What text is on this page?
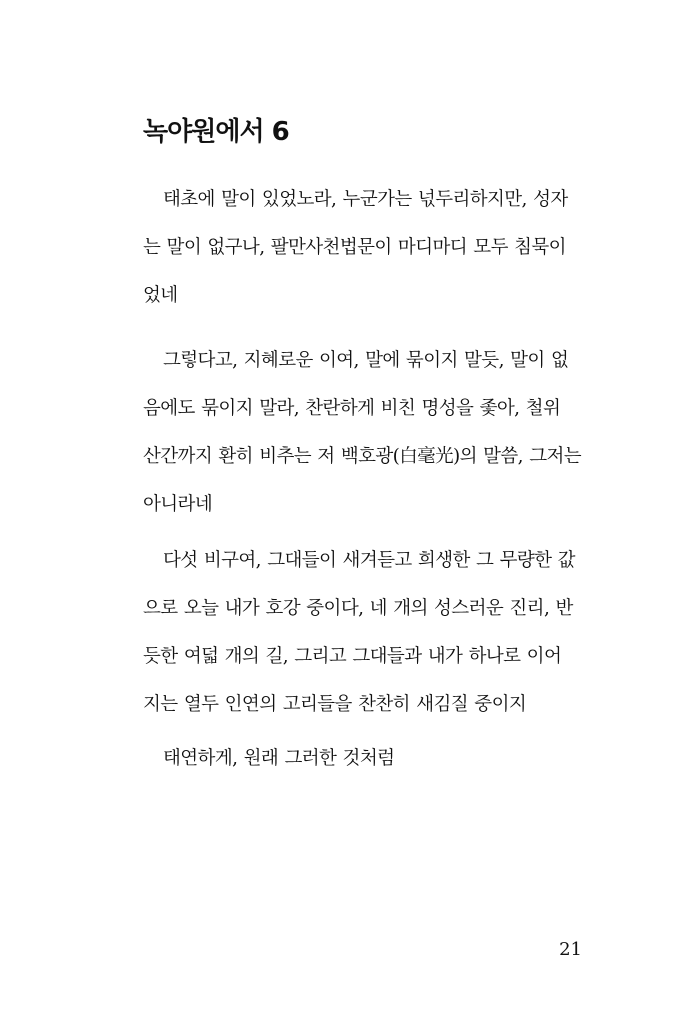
녹야원에서 6
태초에 말이 있었노라, 누군가는 넋두리하지만, 성자
는 말이 없구나, 팔만사천법문이 마디마디 모두 침묵이
었네
그렇다고, 지혜로운 이여, 말에 묶이지 말듯, 말이 없
음에도 묶이지 말라, 찬란하게 비친 명성을 좇아, 철위
산간까지 환히 비추는 저 백호광(白毫光)의 말씀, 그저는
아니라네
다섯 비구여, 그대들이 새겨듣고 희생한 그 무량한 값
으로 오늘 내가 호강 중이다, 네 개의 성스러운 진리, 반
듯한 여덟 개의 길, 그리고 그대들과 내가 하나로 이어
지는 열두 인연의 고리들을 찬찬히 새김질 중이지
태연하게, 원래 그러한 것처럼
21
